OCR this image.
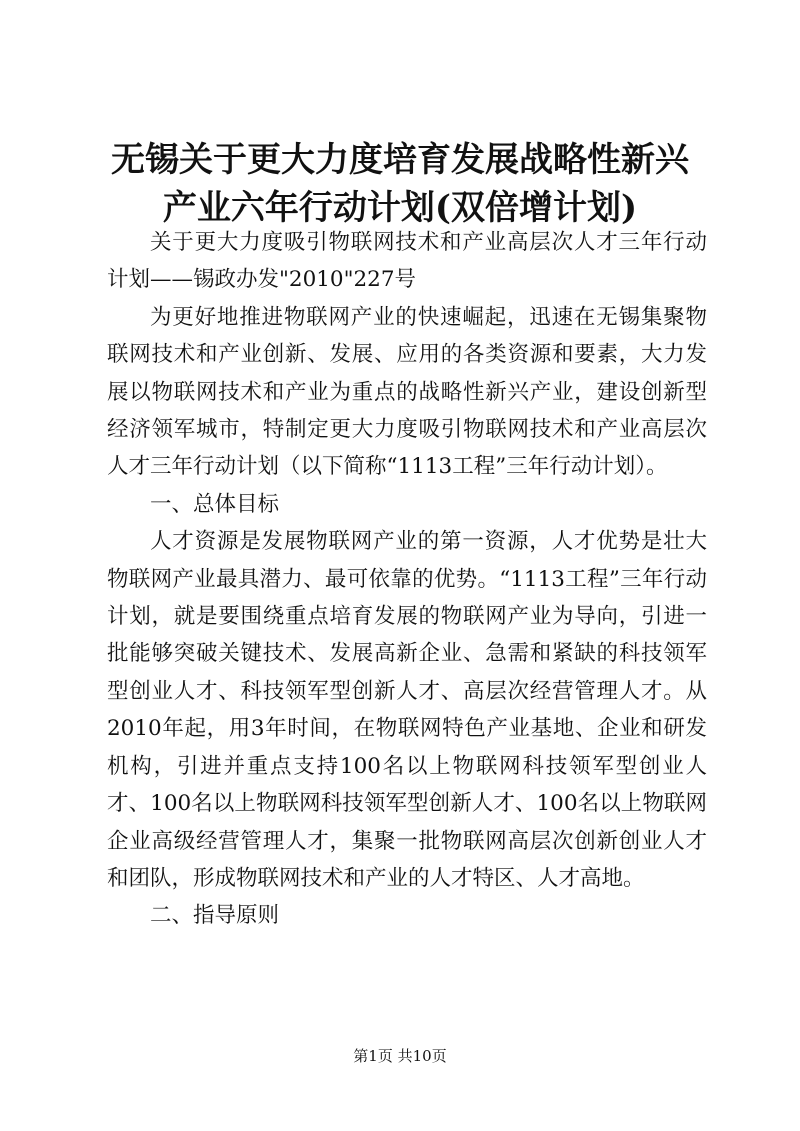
无锡关于更大力度培育发展战略性新兴产业六年行动计划(双倍增计划)

关于更大力度吸引物联网技术和产业高层次人才三年行动计划——锡政办发"2010"227号

为更好地推进物联网产业的快速崛起，迅速在无锡集聚物联网技术和产业创新、发展、应用的各类资源和要素，大力发展以物联网技术和产业为重点的战略性新兴产业，建设创新型经济领军城市，特制定更大力度吸引物联网技术和产业高层次人才三年行动计划（以下简称“1113工程”三年行动计划）。

一、总体目标

人才资源是发展物联网产业的第一资源，人才优势是壮大物联网产业最具潜力、最可依靠的优势。“1113工程”三年行动计划，就是要围绕重点培育发展的物联网产业为导向，引进一批能够突破关键技术、发展高新企业、急需和紧缺的科技领军型创业人才、科技领军型创新人才、高层次经营管理人才。从2010年起，用3年时间，在物联网特色产业基地、企业和研发机构，引进并重点支持100名以上物联网科技领军型创业人才、100名以上物联网科技领军型创新人才、100名以上物联网企业高级经营管理人才，集聚一批物联网高层次创新创业人才和团队，形成物联网技术和产业的人才特区、人才高地。

二、指导原则

第1页 共10页
